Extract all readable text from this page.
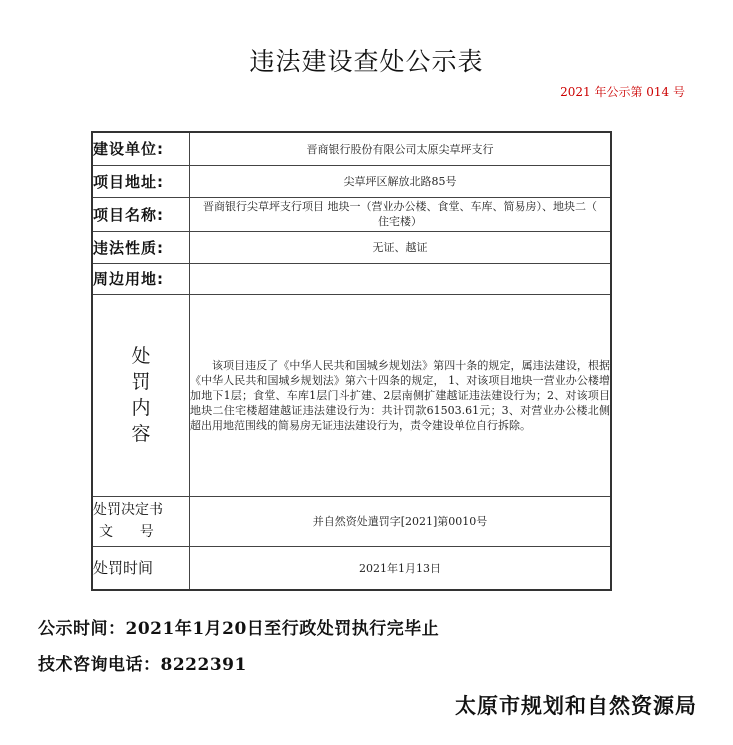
违法建设查处公示表
2021 年公示第 014 号
建设单位:	晋商银行股份有限公司太原尖草坪支行
项目地址:	尖草坪区解放北路85号
项目名称:	晋商银行尖草坪支行项目 地块一（营业办公楼、食堂、车库、简易房）、地块二（ 住宅楼）
违法性质:	无证、越证
周边用地:	

处
罚
内
容	该项目违反了《中华人民共和国城乡规划法》第四十条的规定，属违法建设，根据《中华人民共和国城乡规划法》第六十四条的规定， 1、对该项目地块一营业办公楼增加地下1层；食堂、车库1层门斗扩建、2层南侧扩建越证违法建设行为；2、对该项目地块二住宅楼超建越证违法建设行为：共计罚款61503.61元；3、对营业办公楼北侧超出用地范围线的简易房无证违法建设行为，责令建设单位自行拆除。

处罚决定书
文      号	并自然资处遣罚字[2021]第0010号
处罚时间	2021年1月13日
公示时间：2021年1月20日至行政处罚执行完毕止
技术咨询电话：8222391
太原市规划和自然资源局
